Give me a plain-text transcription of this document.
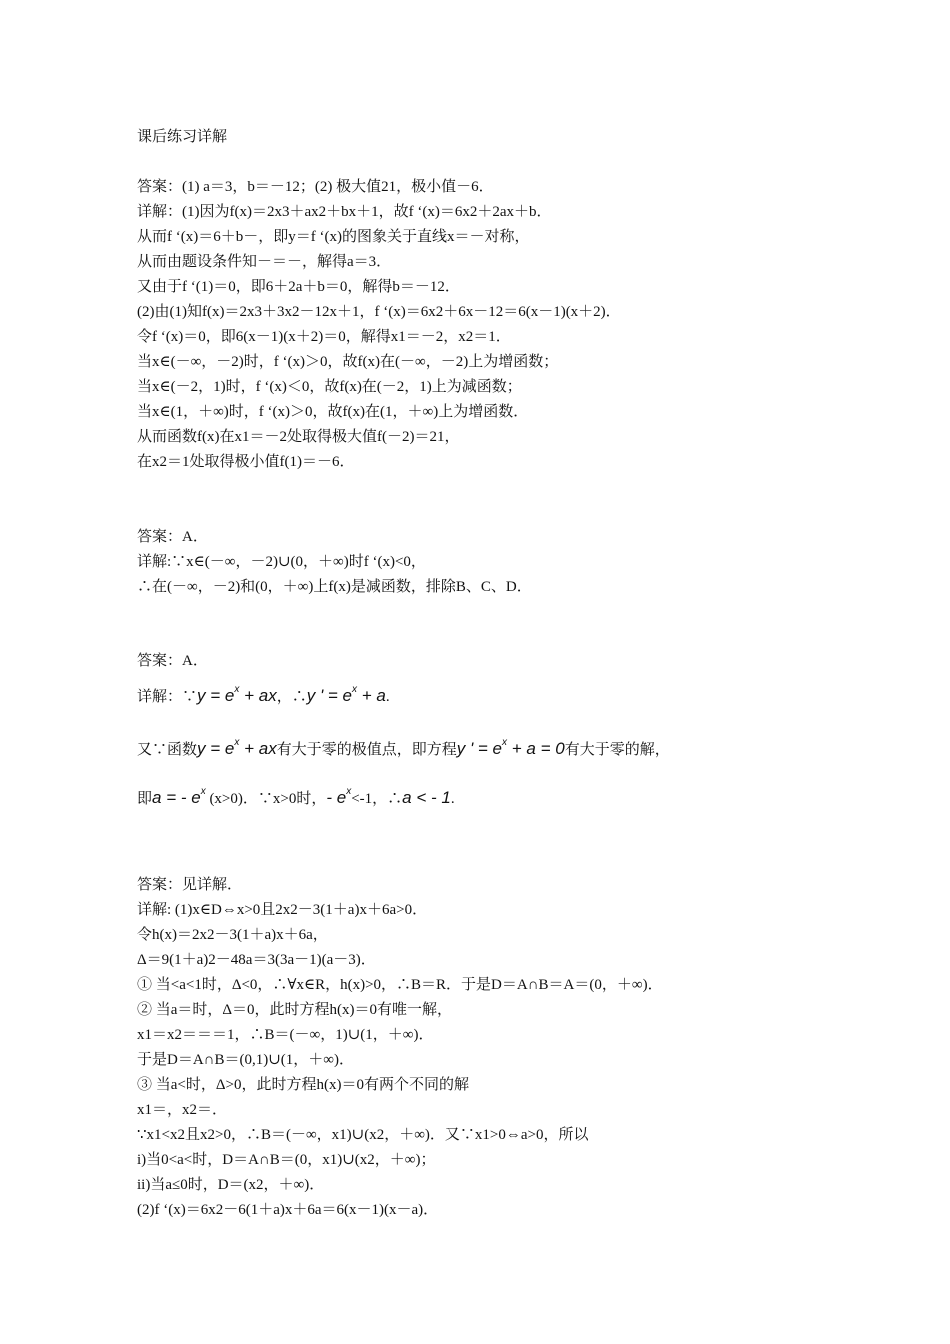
课后练习详解
答案：(1) a＝3，b＝－12；(2) 极大值21，极小值－6．
详解：(1)因为f(x)＝2x3＋ax2＋bx＋1，故f ‘(x)＝6x2＋2ax＋b．
从而f ‘(x)＝6＋b－，即y＝f ‘(x)的图象关于直线x＝－对称，
从而由题设条件知－＝－，解得a＝3．
又由于f ‘(1)＝0，即6＋2a＋b＝0，解得b＝－12．
(2)由(1)知f(x)＝2x3＋3x2－12x＋1，f ‘(x)＝6x2＋6x－12＝6(x－1)(x＋2)．
令f ‘(x)＝0，即6(x－1)(x＋2)＝0，解得x1＝－2，x2＝1．
当x∈(－∞，－2)时，f ‘(x)＞0，故f(x)在(－∞，－2)上为增函数；
当x∈(－2，1)时，f ‘(x)＜0，故f(x)在(－2，1)上为减函数；
当x∈(1，＋∞)时，f ‘(x)＞0，故f(x)在(1，＋∞)上为增函数．
从而函数f(x)在x1＝－2处取得极大值f(－2)＝21，
在x2＝1处取得极小值f(1)＝－6．
答案：A．
详解:∵x∈(－∞，－2)∪(0，＋∞)时f ‘(x)<0，
∴在(－∞，－2)和(0，＋∞)上f(x)是减函数，排除B、C、D．
答案：A．
详解：∵y = $e^x$ + ax，∴y ' = $e^x + a$.
又∵函数$y = e^x$ + ax有大于零的极值点，即方程y ' = $e^x + a = 0$有大于零的解，
即a = - $e^x$ (x>0)．∵x>0时，- $e^x<-1$，∴a < - 1.
答案：见详解．
详解: (1)x∈D⇔x>0且2x2－3(1＋a)x＋6a>0．
令h(x)＝2x2－3(1＋a)x＋6a，
Δ＝9(1＋a)2－48a＝3(3a－1)(a－3)．
① 当<a<1时，Δ<0，∴∀x∈R，h(x)>0，∴B＝R．于是D＝A∩B＝A＝(0，＋∞)．
② 当a＝时，Δ＝0，此时方程h(x)＝0有唯一解，
x1＝x2＝＝＝1，∴B＝(－∞，1)∪(1，＋∞)．
于是D＝A∩B＝(0,1)∪(1，＋∞)．
③ 当a<时，Δ>0，此时方程h(x)＝0有两个不同的解
x1＝，x2＝．
∵x1<x2且x2>0，∴B＝(－∞，x1)∪(x2，＋∞)．又∵x1>0⇔a>0，所以
i)当0<a<时，D＝A∩B＝(0，x1)∪(x2，＋∞)；
ii)当a≤0时，D＝(x2，＋∞)．
(2)f ‘(x)＝6x2－6(1＋a)x＋6a＝6(x－1)(x－a)．
